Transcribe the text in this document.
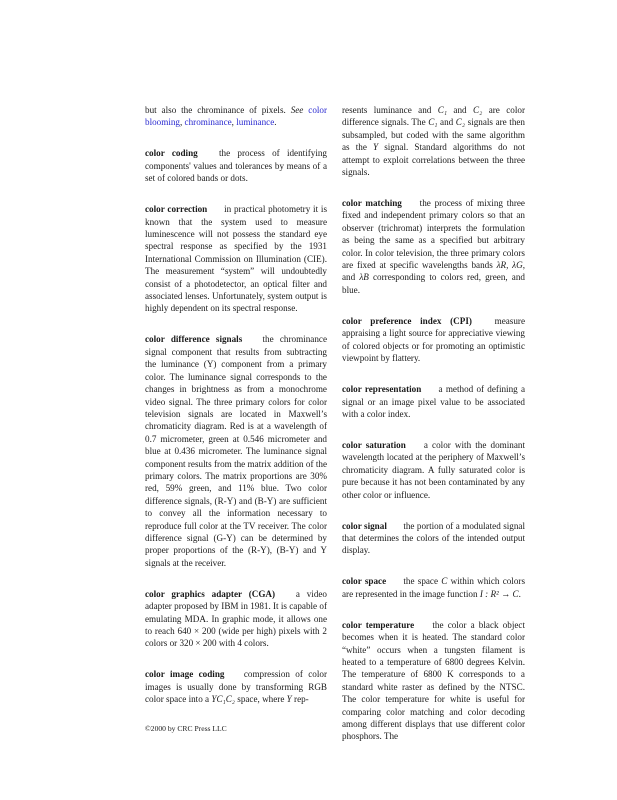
but also the chrominance of pixels. See color blooming, chrominance, luminance.

color coding the process of identifying components' values and tolerances by means of a set of colored bands or dots.

color correction in practical photometry it is known that the system used to measure luminescence will not possess the standard eye spectral response as specified by the 1931 International Commission on Illumination (CIE). The measurement “system” will undoubtedly consist of a photodetector, an optical filter and associated lenses. Unfortunately, system output is highly dependent on its spectral response.

color difference signals the chrominance signal component that results from subtracting the luminance (Y) component from a primary color. The luminance signal corresponds to the changes in brightness as from a monochrome video signal. The three primary colors for color television signals are located in Maxwell’s chromaticity diagram. Red is at a wavelength of 0.7 micrometer, green at 0.546 micrometer and blue at 0.436 micrometer. The luminance signal component results from the matrix addition of the primary colors. The matrix proportions are 30% red, 59% green, and 11% blue. Two color difference signals, (R-Y) and (B-Y) are sufficient to convey all the information necessary to reproduce full color at the TV receiver. The color difference signal (G-Y) can be determined by proper proportions of the (R-Y), (B-Y) and Y signals at the receiver.

color graphics adapter (CGA) a video adapter proposed by IBM in 1981. It is capable of emulating MDA. In graphic mode, it allows one to reach 640 × 200 (wide per high) pixels with 2 colors or 320 × 200 with 4 colors.

color image coding compression of color images is usually done by transforming RGB color space into a YC₁C₂ space, where Y rep-

resents luminance and C₁ and C₂ are color difference signals. The C₁ and C₂ signals are then subsampled, but coded with the same algorithm as the Y signal. Standard algorithms do not attempt to exploit correlations between the three signals.

color matching the process of mixing three fixed and independent primary colors so that an observer (trichromat) interprets the formulation as being the same as a specified but arbitrary color. In color television, the three primary colors are fixed at specific wavelengths bands λR, λG, and λB corresponding to colors red, green, and blue.

color preference index (CPI) measure appraising a light source for appreciative viewing of colored objects or for promoting an optimistic viewpoint by flattery.

color representation a method of defining a signal or an image pixel value to be associated with a color index.

color saturation a color with the dominant wavelength located at the periphery of Maxwell’s chromaticity diagram. A fully saturated color is pure because it has not been contaminated by any other color or influence.

color signal the portion of a modulated signal that determines the colors of the intended output display.

color space the space C within which colors are represented in the image function I : R² → C.

color temperature the color a black object becomes when it is heated. The standard color “white” occurs when a tungsten filament is heated to a temperature of 6800 degrees Kelvin. The temperature of 6800 K corresponds to a standard white raster as defined by the NTSC. The color temperature for white is useful for comparing color matching and color decoding among different displays that use different color phosphors. The

©2000 by CRC Press LLC
